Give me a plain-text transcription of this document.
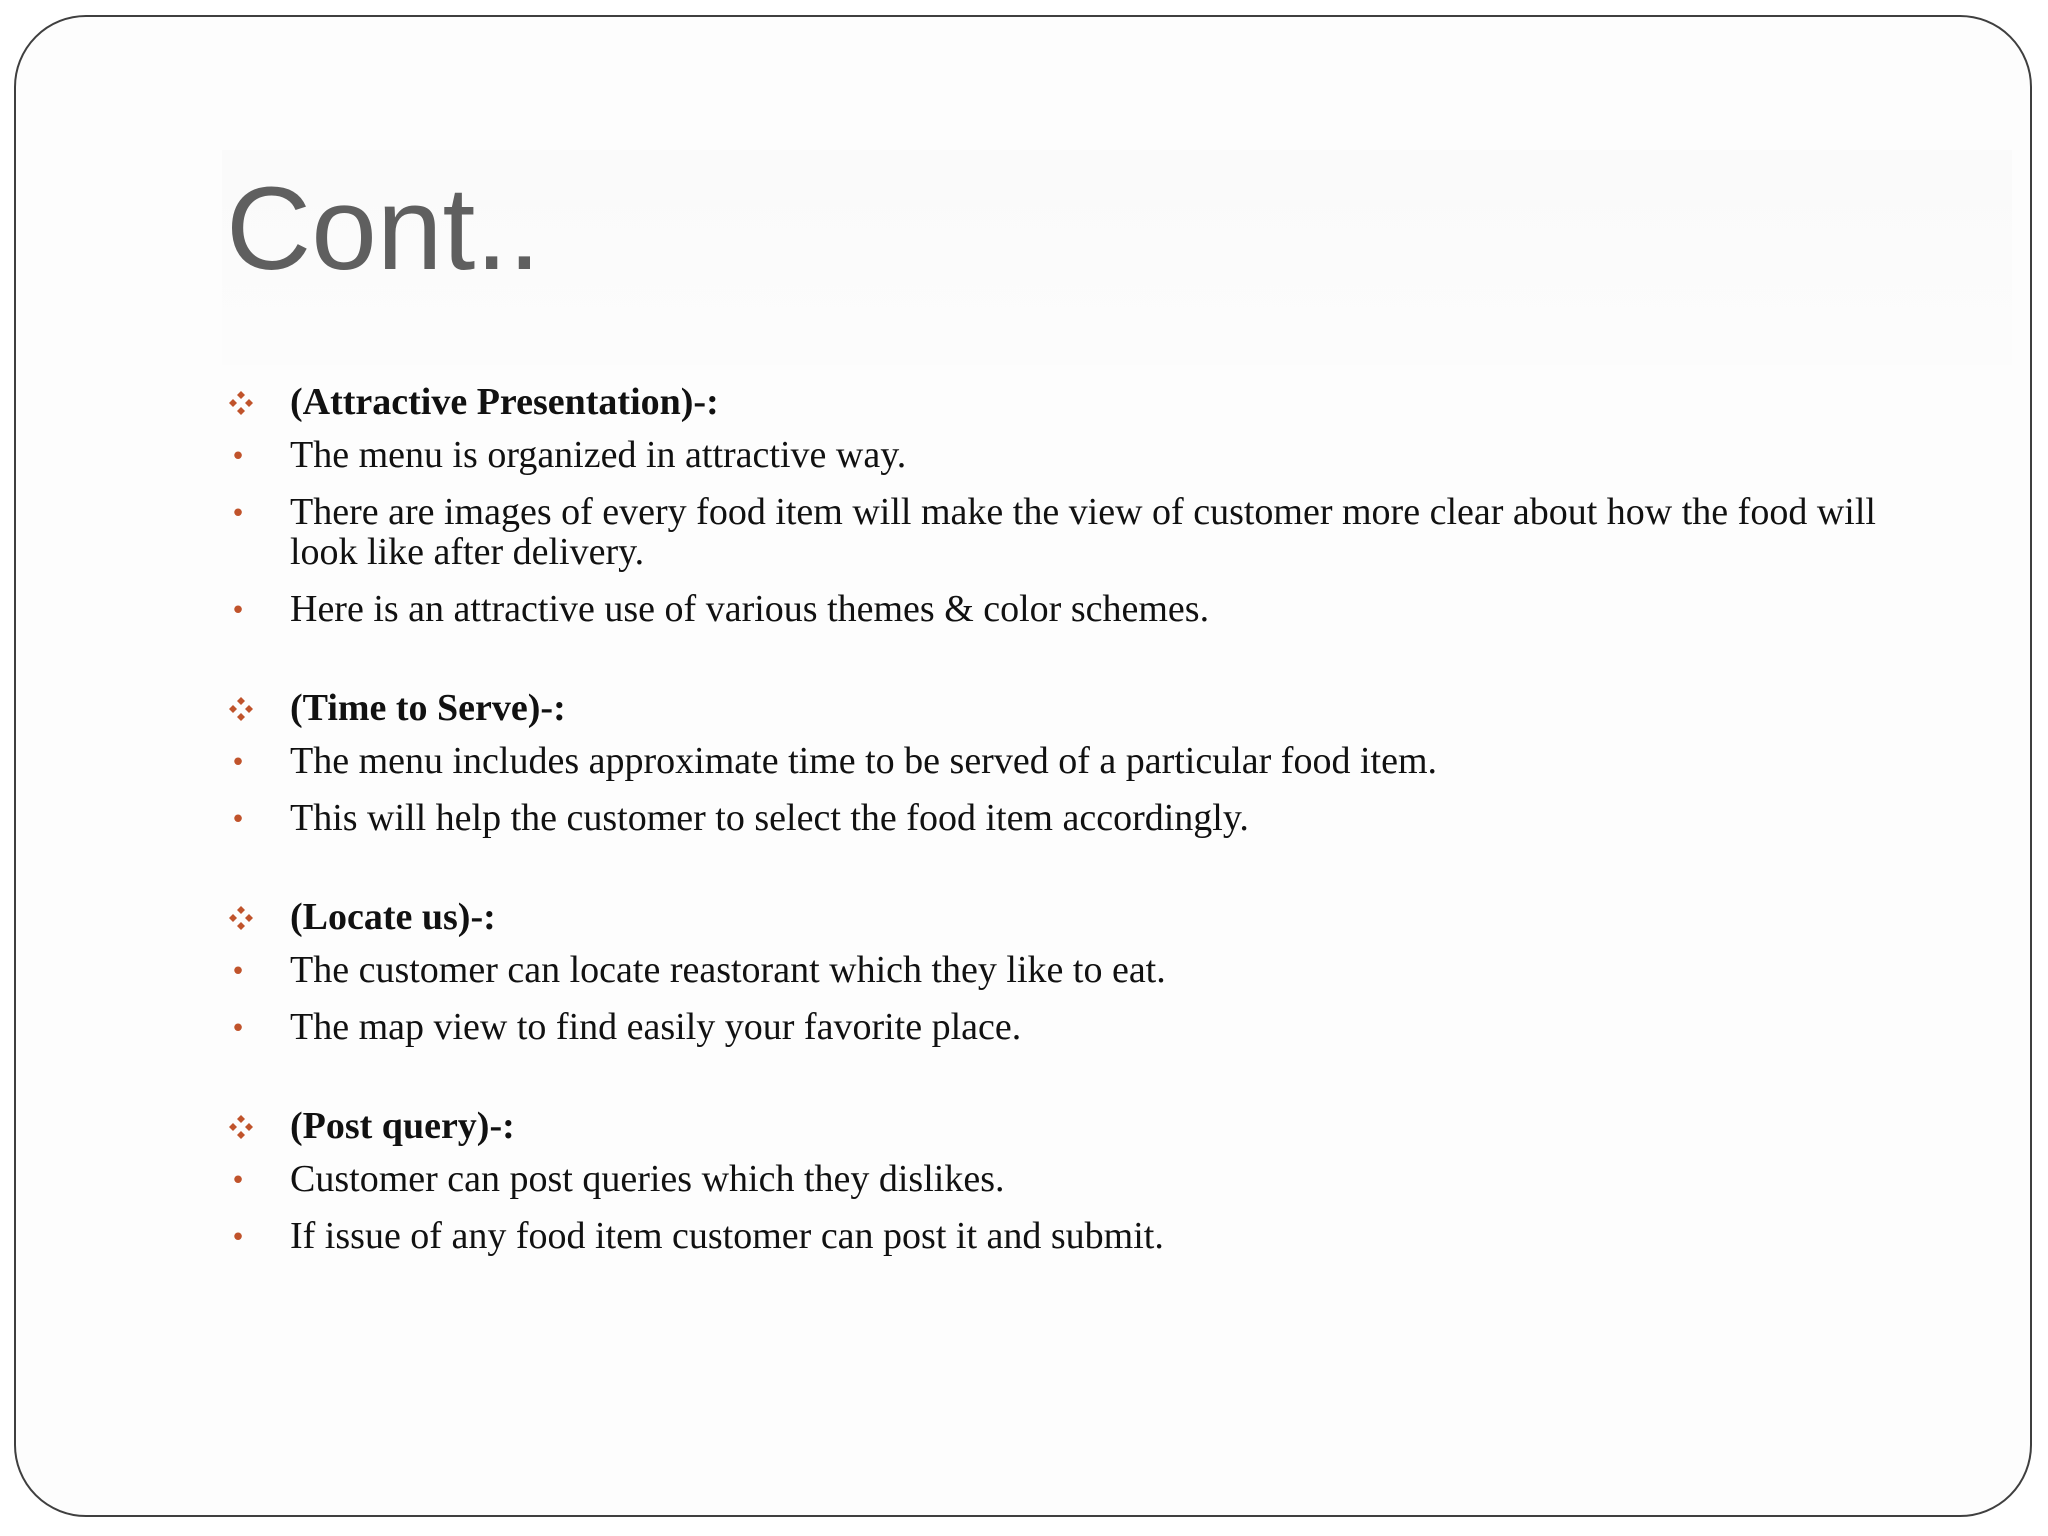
Cont..
(Attractive Presentation)-:
• The menu is organized in attractive way.
• There are images of every food item will make the view of customer more clear about how the food will look like after delivery.
• Here is an attractive use of various themes & color schemes.
(Time to Serve)-:
• The menu includes approximate time to be served of a particular food item.
• This will help the customer to select the food item accordingly.
(Locate us)-:
• The customer can locate reastorant which they like to eat.
• The map view to find easily your favorite place.
(Post query)-:
• Customer can post queries which they dislikes.
• If issue of any food item customer can post it and submit.
